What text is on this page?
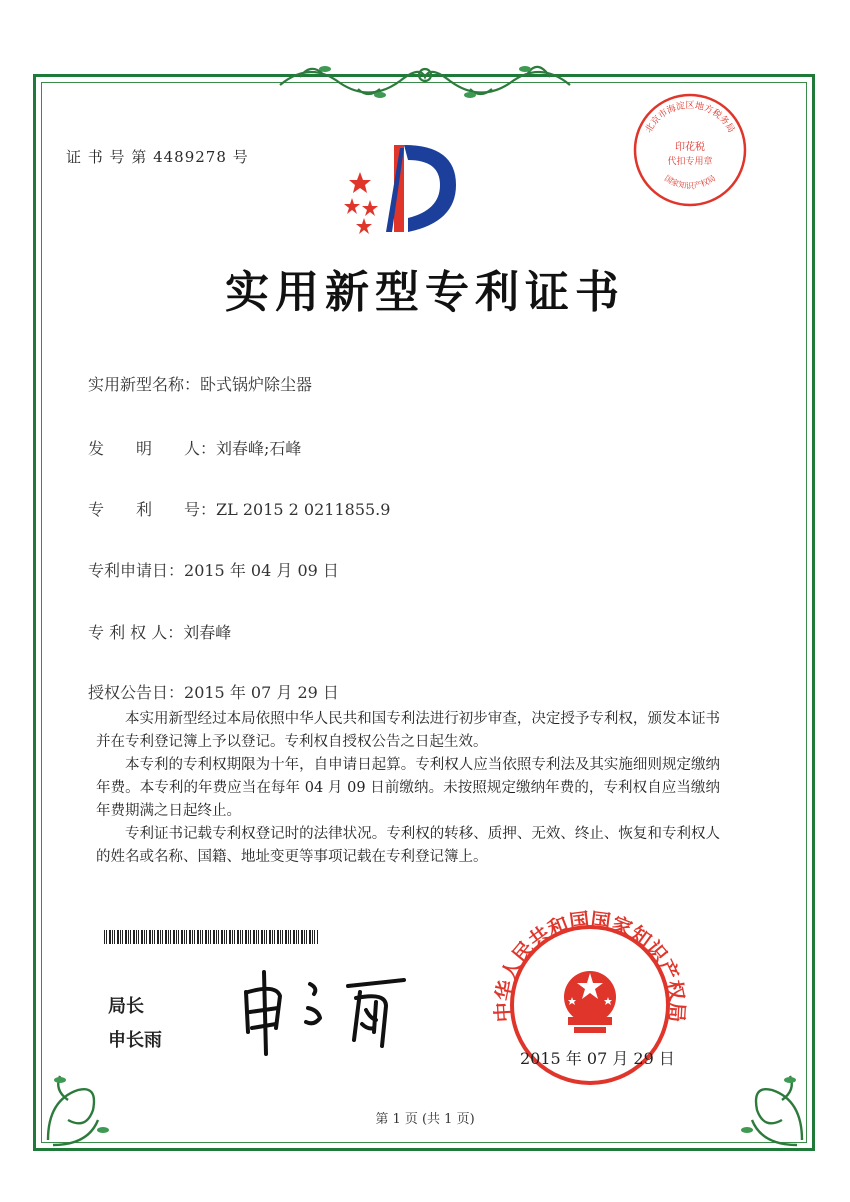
证 书 号 第 4489278 号
北京市海淀区地方税务局
国家知识产权局
印花税
代扣专用章
实用新型专利证书
实用新型名称：卧式锅炉除尘器
发　　明　　人：刘春峰;石峰
专　　利　　号：ZL 2015 2 0211855.9
专利申请日：2015 年 04 月 09 日
专 利 权 人：刘春峰
授权公告日：2015 年 07 月 29 日

本实用新型经过本局依照中华人民共和国专利法进行初步审查，决定授予专利权，颁发本证书并在专利登记簿上予以登记。专利权自授权公告之日起生效。

本专利的专利权期限为十年，自申请日起算。专利权人应当依照专利法及其实施细则规定缴纳年费。本专利的年费应当在每年 04 月 09 日前缴纳。未按照规定缴纳年费的，专利权自应当缴纳年费期满之日起终止。

专利证书记载专利权登记时的法律状况。专利权的转移、质押、无效、终止、恢复和专利权人的姓名或名称、国籍、地址变更等事项记载在专利登记簿上。

局长
申长雨
中华人民共和国国家知识产权局
2015 年 07 月 29 日
第 1 页 (共 1 页)
